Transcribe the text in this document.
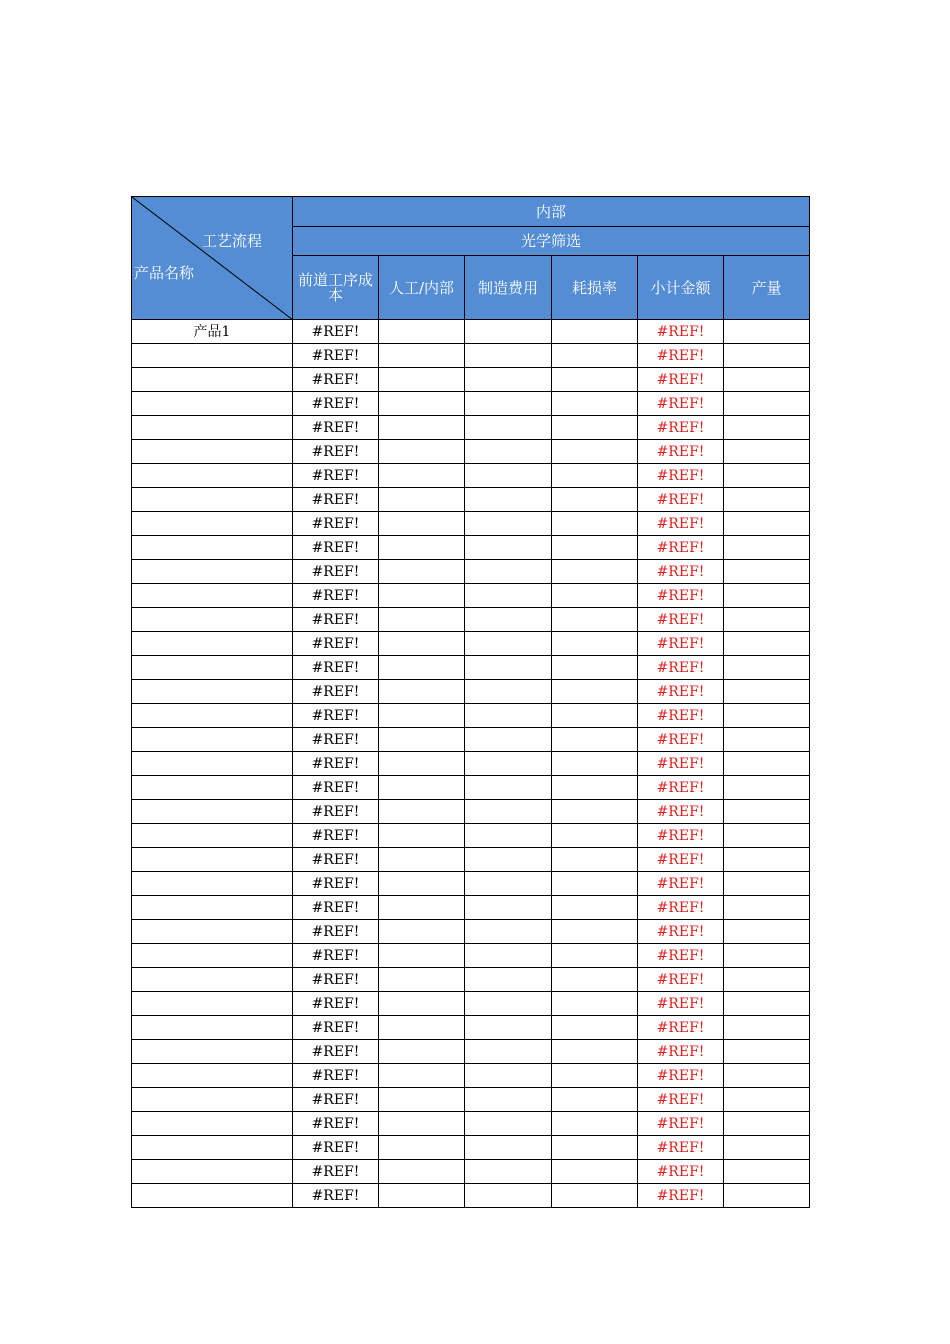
工艺流程
产品名称	内部					
	光学筛选					
	前道工序成本	人工/内部	制造费用	耗损率	小计金额	产量
产品1	#REF!				#REF!	
	#REF!				#REF!	
	#REF!				#REF!	
	#REF!				#REF!	
	#REF!				#REF!	
	#REF!				#REF!	
	#REF!				#REF!	
	#REF!				#REF!	
	#REF!				#REF!	
	#REF!				#REF!	
	#REF!				#REF!	
	#REF!				#REF!	
	#REF!				#REF!	
	#REF!				#REF!	
	#REF!				#REF!	
	#REF!				#REF!	
	#REF!				#REF!	
	#REF!				#REF!	
	#REF!				#REF!	
	#REF!				#REF!	
	#REF!				#REF!	
	#REF!				#REF!	
	#REF!				#REF!	
	#REF!				#REF!	
	#REF!				#REF!	
	#REF!				#REF!	
	#REF!				#REF!	
	#REF!				#REF!	
	#REF!				#REF!	
	#REF!				#REF!	
	#REF!				#REF!	
	#REF!				#REF!	
	#REF!				#REF!	
	#REF!				#REF!	
	#REF!				#REF!	
	#REF!				#REF!	
	#REF!				#REF!	
